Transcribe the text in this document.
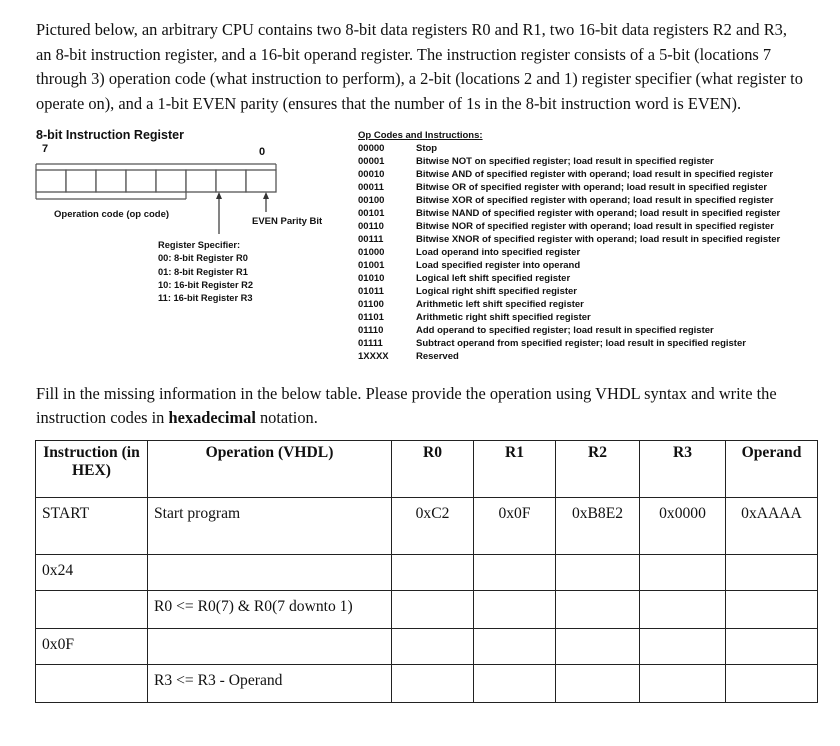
Pictured below, an arbitrary CPU contains two 8-bit data registers R0 and R1, two 16-bit data registers R2 and R3, an 8-bit instruction register, and a 16-bit operand register. The instruction register consists of a 5-bit (locations 7 through 3) operation code (what instruction to perform), a 2-bit (locations 2 and 1) register specifier (what register to operate on), and a 1-bit EVEN parity (ensures that the number of 1s in the 8-bit instruction word is EVEN).
8-bit Instruction Register
7	0
Operation code (op code)
EVEN Parity Bit
Register Specifier:
00: 8-bit Register R0
01: 8-bit Register R1
10: 16-bit Register R2
11: 16-bit Register R3
Op Codes and Instructions:
00000	Stop
00001	Bitwise NOT on specified register; load result in specified register
00010	Bitwise AND of specified register with operand; load result in specified register
00011	Bitwise OR of specified register with operand; load result in specified register
00100	Bitwise XOR of specified register with operand; load result in specified register
00101	Bitwise NAND of specified register with operand; load result in specified register
00110	Bitwise NOR of specified register with operand; load result in specified register
00111	Bitwise XNOR of specified register with operand; load result in specified register
01000	Load operand into specified register
01001	Load specified register into operand
01010	Logical left shift specified register
01011	Logical right shift specified register
01100	Arithmetic left shift specified register
01101	Arithmetic right shift specified register
01110	Add operand to specified register; load result in specified register
01111	Subtract operand from specified register; load result in specified register
1XXXX	Reserved
Fill in the missing information in the below table. Please provide the operation using VHDL syntax and write the instruction codes in hexadecimal notation.
Instruction (in HEX)	Operation (VHDL)	R0	R1	R2	R3	Operand
START	Start program	0xC2	0x0F	0xB8E2	0x0000	0xAAAA
0x24						
	R0 <= R0(7) & R0(7 downto 1)					
0x0F						
	R3 <= R3 - Operand					
